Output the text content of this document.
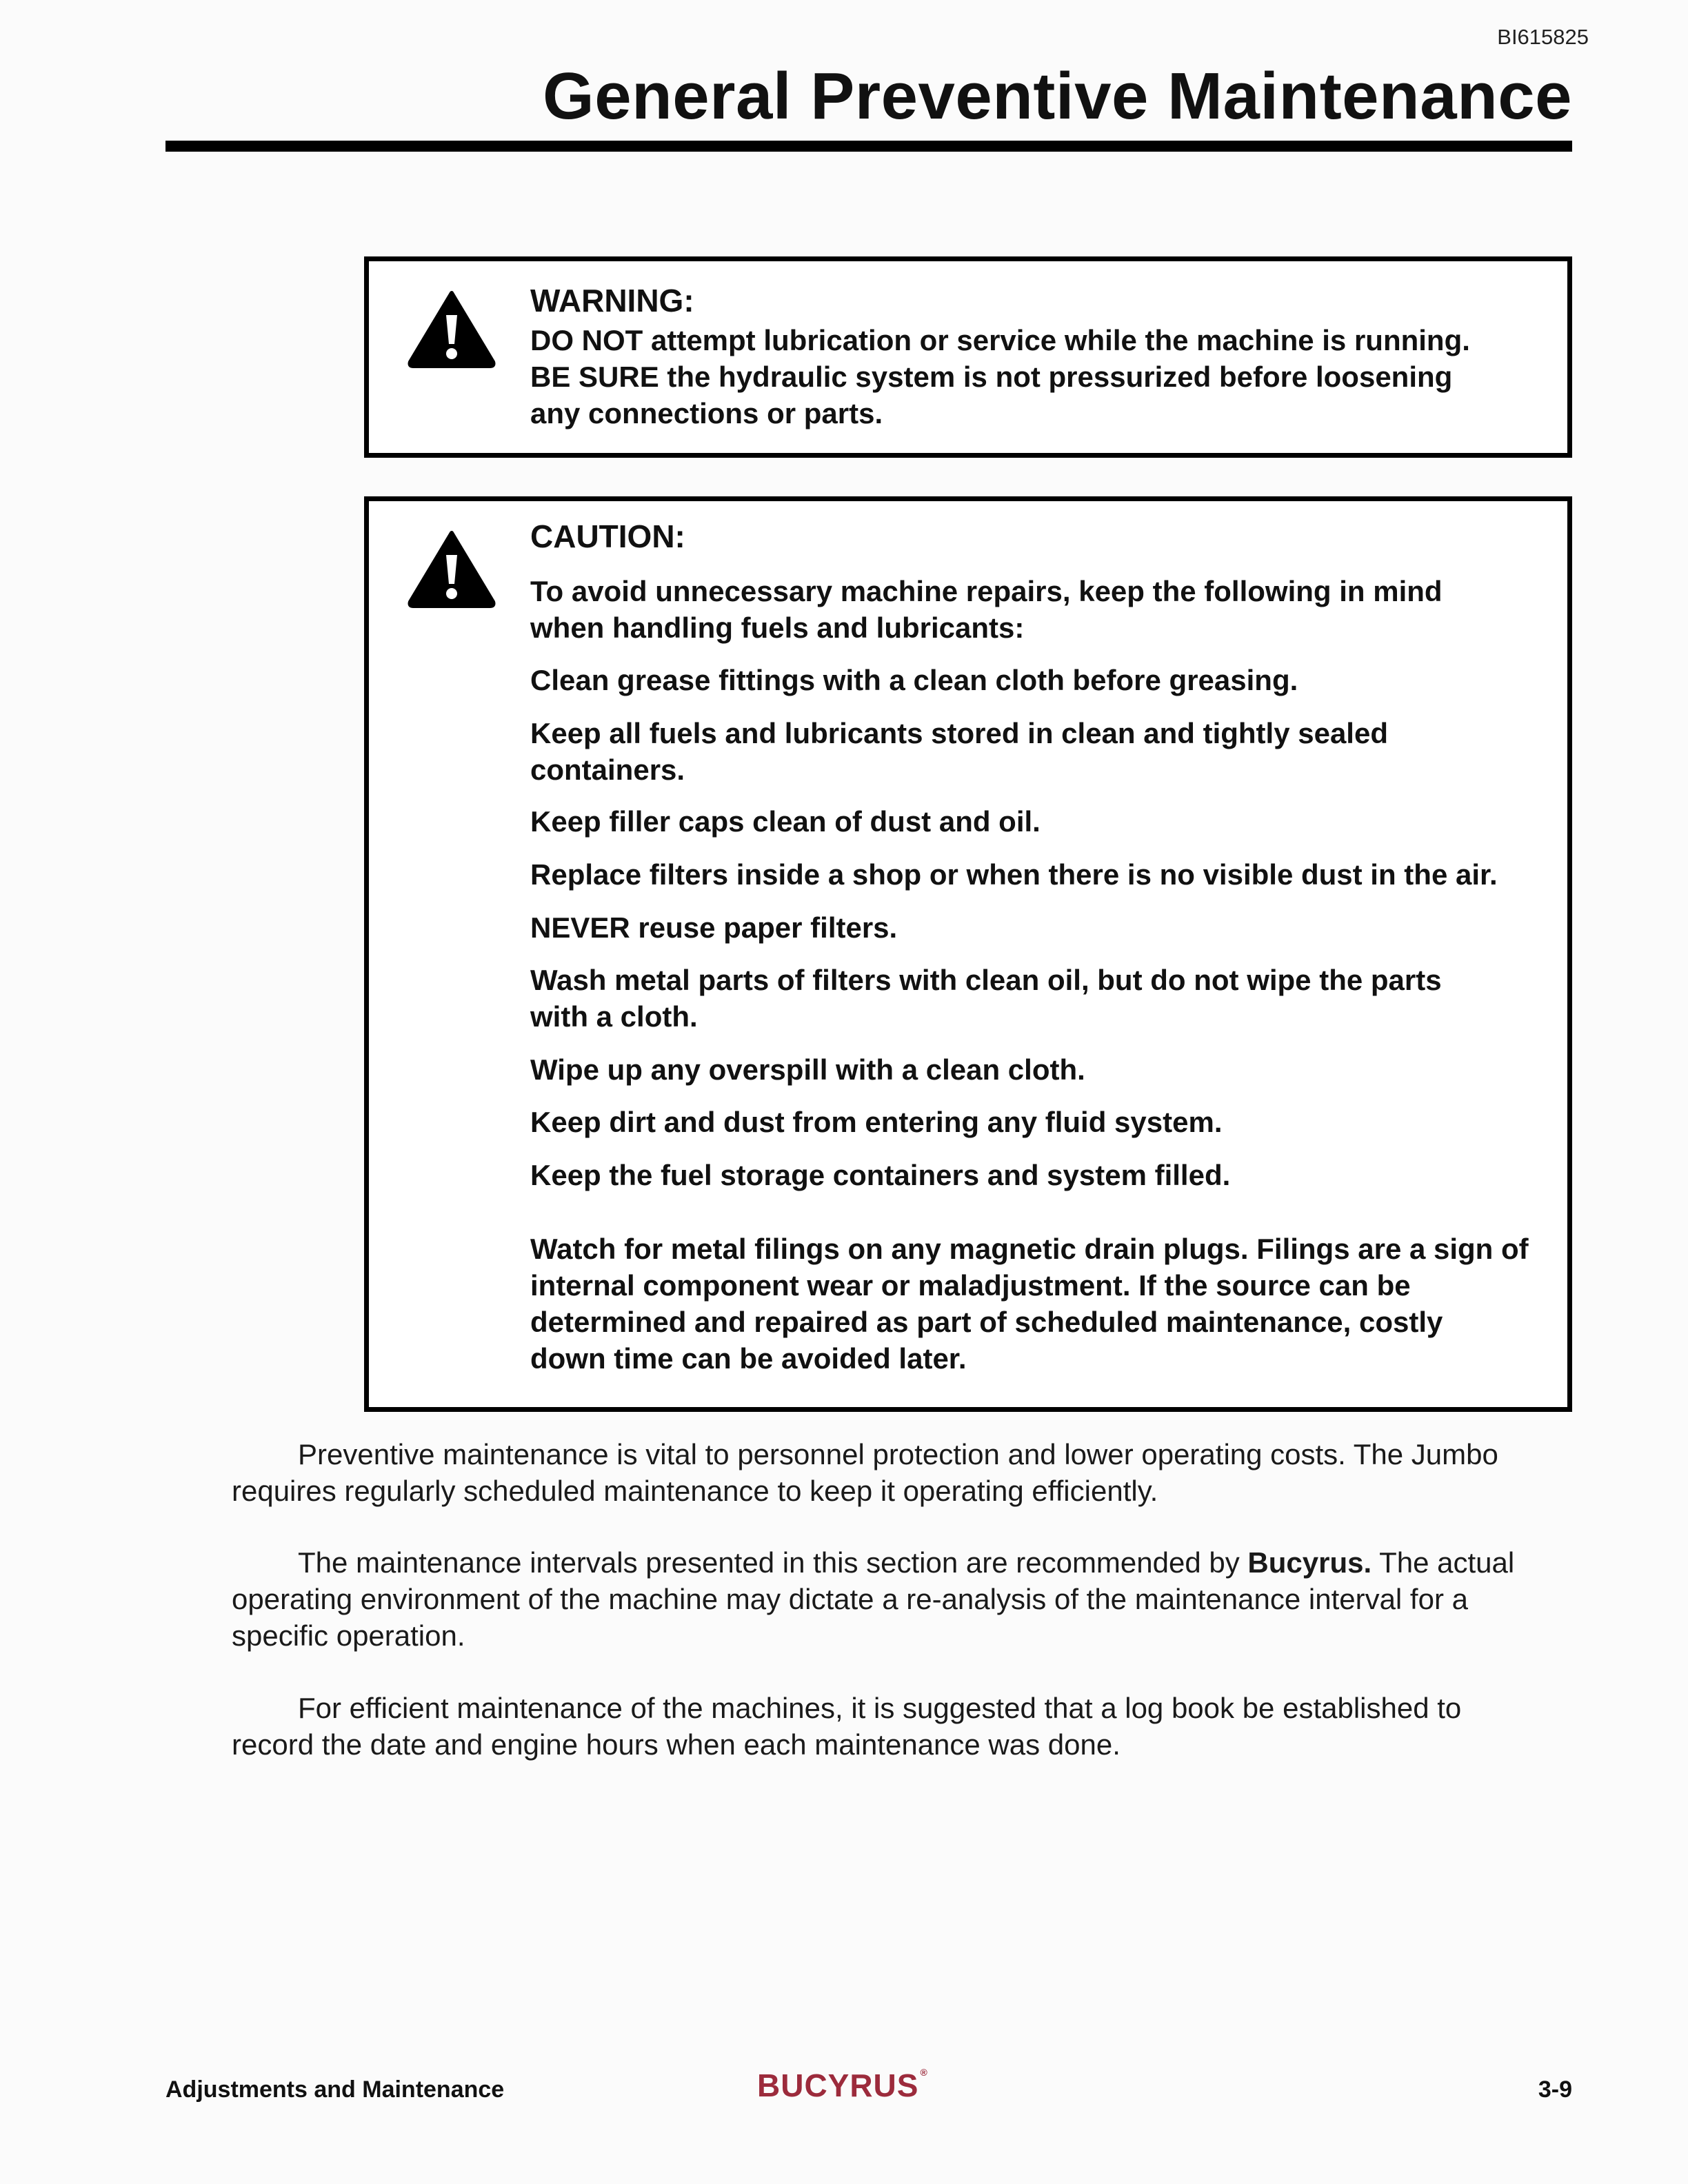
BI615825
General Preventive Maintenance
WARNING:
DO NOT attempt lubrication or service while the machine is running.
BE SURE the hydraulic system is not pressurized before loosening
any connections or parts.
CAUTION:
To avoid unnecessary machine repairs, keep the following in mind
when handling fuels and lubricants:
Clean grease fittings with a clean cloth before greasing.
Keep all fuels and lubricants stored in clean and tightly sealed
containers.
Keep filler caps clean of dust and oil.
Replace filters inside a shop or when there is no visible dust in the air.
NEVER reuse paper filters.
Wash metal parts of filters with clean oil, but do not wipe the parts
with a cloth.
Wipe up any overspill with a clean cloth.
Keep dirt and dust from entering any fluid system.
Keep the fuel storage containers and system filled.
Watch for metal filings on any magnetic drain plugs. Filings are a sign of
internal component wear or maladjustment. If the source can be
determined and repaired as part of scheduled maintenance, costly
down time can be avoided later.

Preventive maintenance is vital to personnel protection and lower operating costs. The Jumbo
requires regularly scheduled maintenance to keep it operating efficiently.

The maintenance intervals presented in this section are recommended by Bucyrus. The actual
operating environment of the machine may dictate a re-analysis of the maintenance interval for a
specific operation.

For efficient maintenance of the machines, it is suggested that a log book be established to
record the date and engine hours when each maintenance was done.

Adjustments and Maintenance	BUCYRUS ®
3-9
